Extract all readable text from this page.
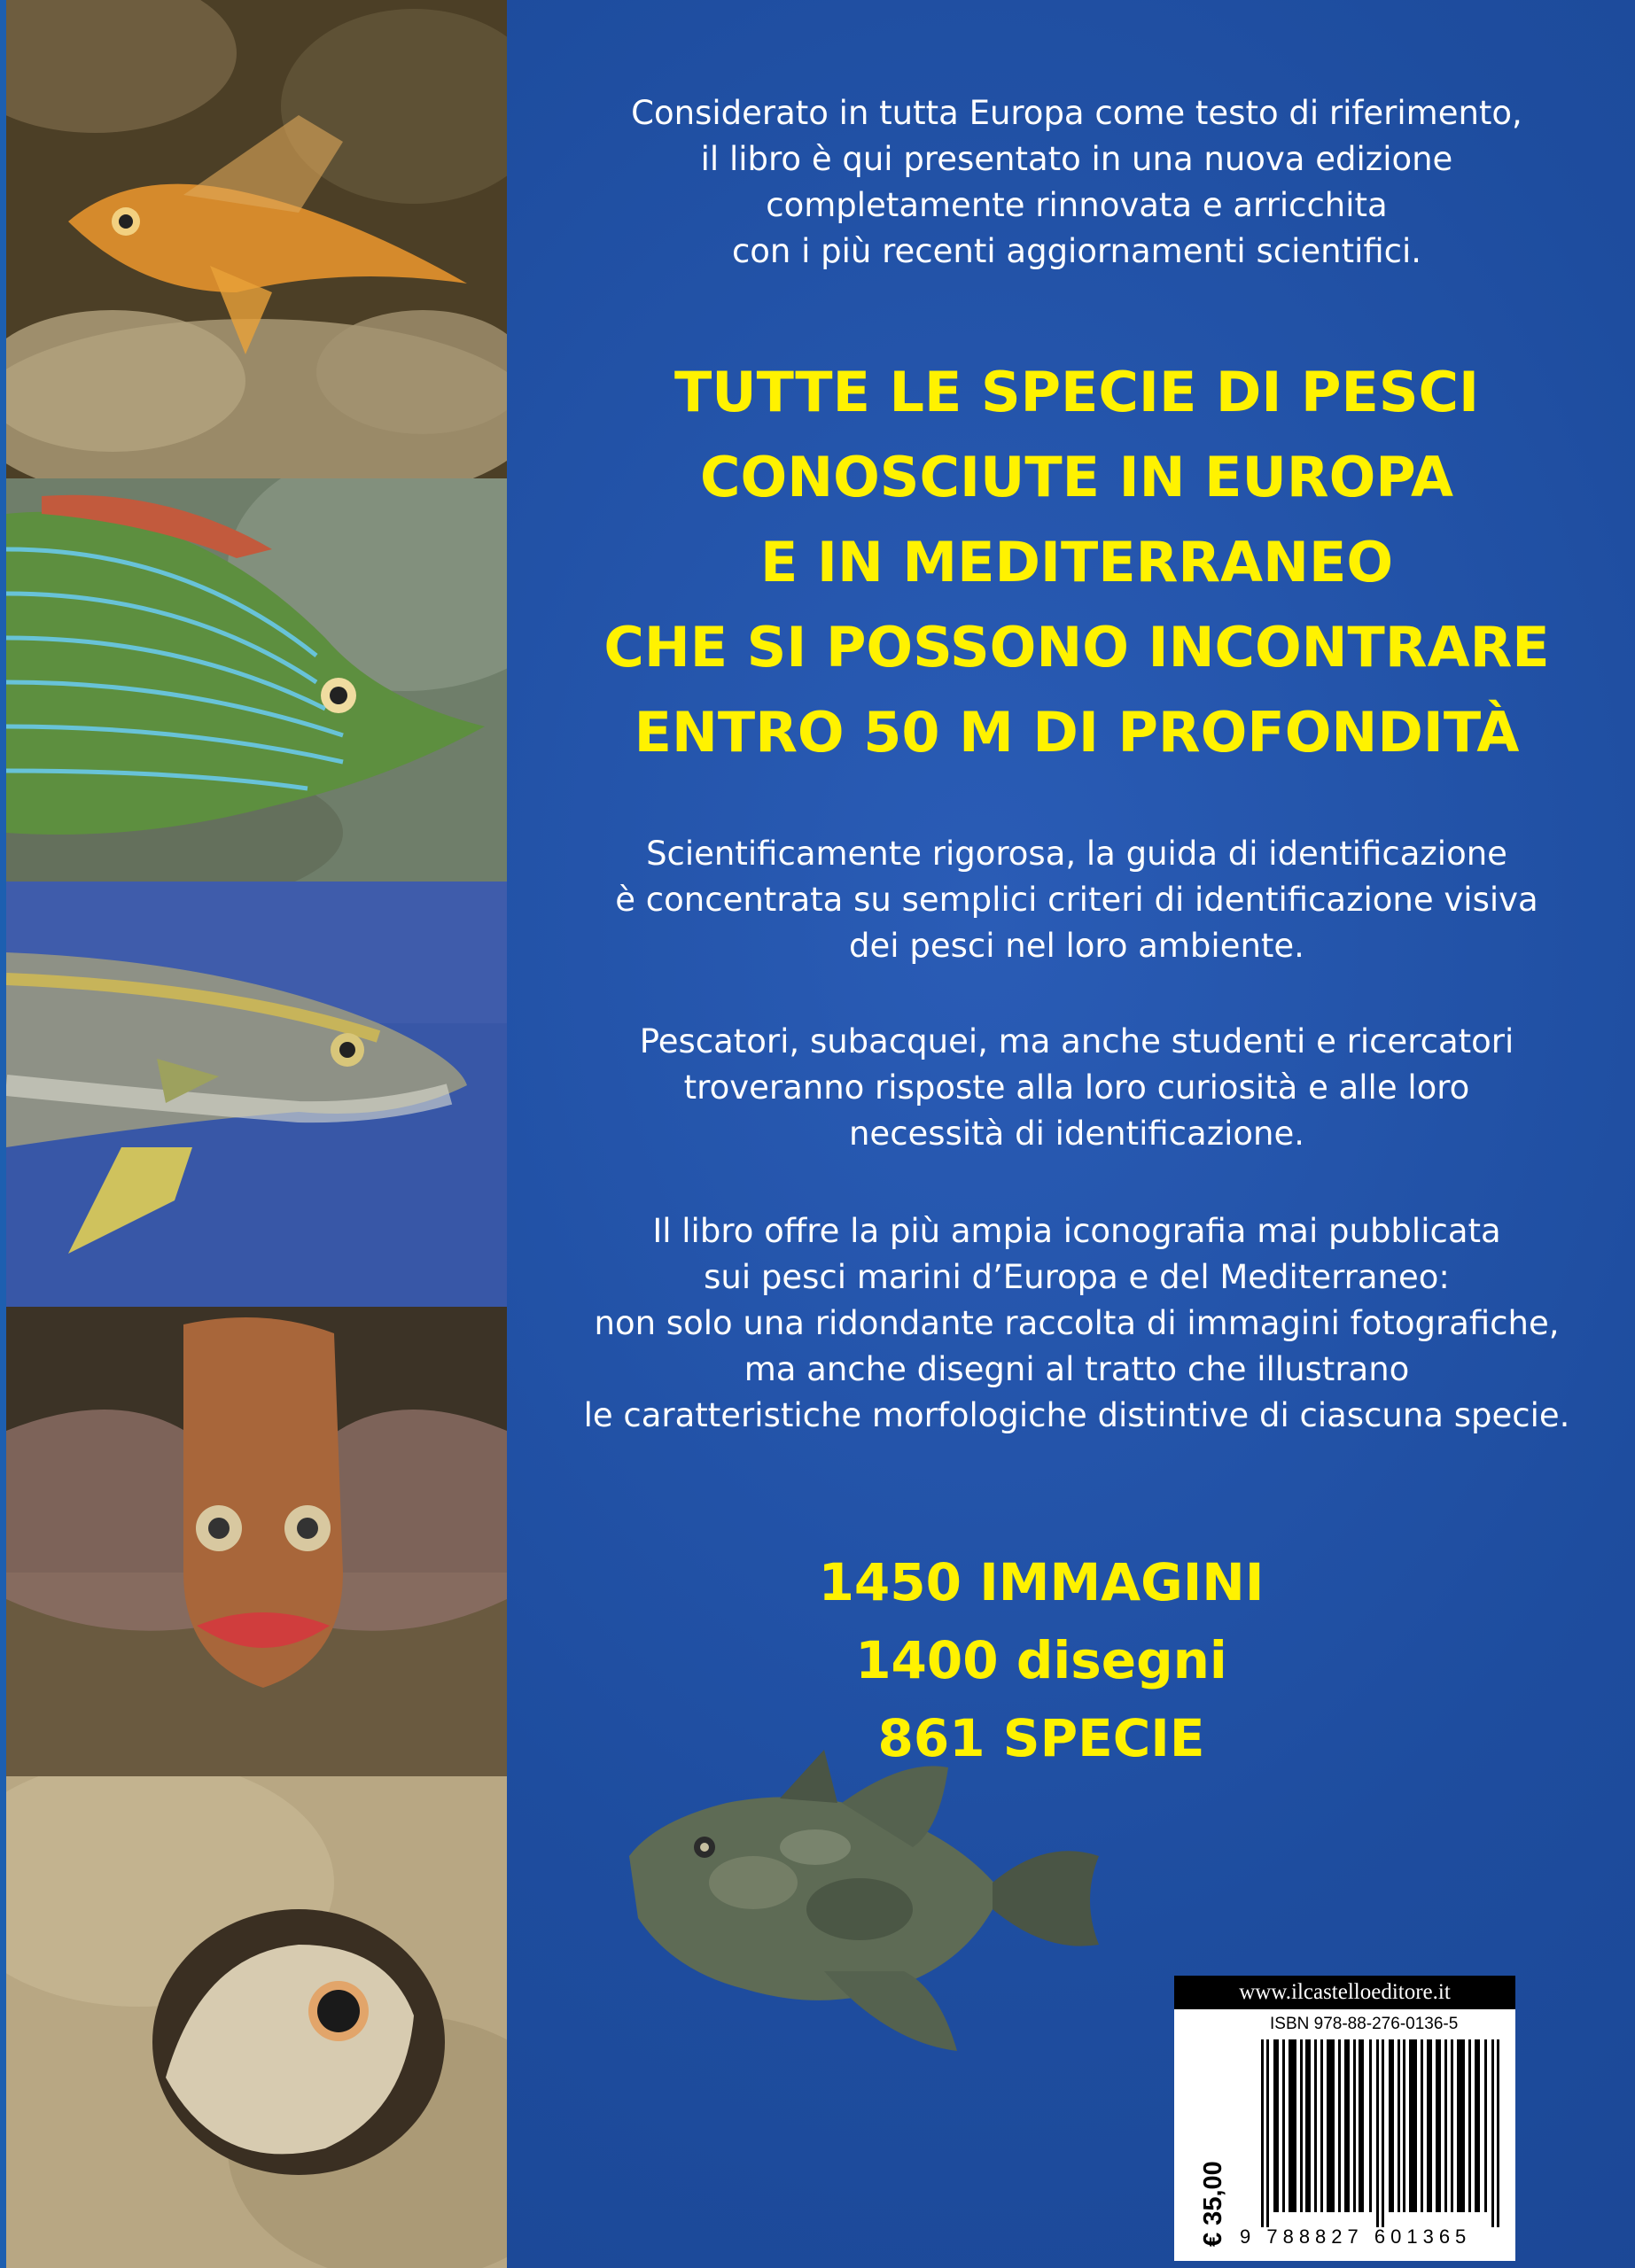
Considerato in tutta Europa come testo di riferimento,
il libro è qui presentato in una nuova edizione
completamente rinnovata e arricchita
con i più recenti aggiornamenti scientifici.
TUTTE LE SPECIE DI PESCI
CONOSCIUTE IN EUROPA
E IN MEDITERRANEO
CHE SI POSSONO INCONTRARE
ENTRO 50 M DI PROFONDITÀ
Scientificamente rigorosa, la guida di identificazione
è concentrata su semplici criteri di identificazione visiva
dei pesci nel loro ambiente.
Pescatori, subacquei, ma anche studenti e ricercatori
troveranno risposte alla loro curiosità e alle loro
necessità di identificazione.
Il libro offre la più ampia iconografia mai pubblicata
sui pesci marini d’Europa e del Mediterraneo:
non solo una ridondante raccolta di immagini fotografiche,
ma anche disegni al tratto che illustrano
le caratteristiche morfologiche distintive di ciascuna specie.
1450 IMMAGINI
1400 disegni
861 SPECIE
www.ilcastelloeditore.it
ISBN 978-88-276-0136-5
€ 35,00 9 788827 601365
